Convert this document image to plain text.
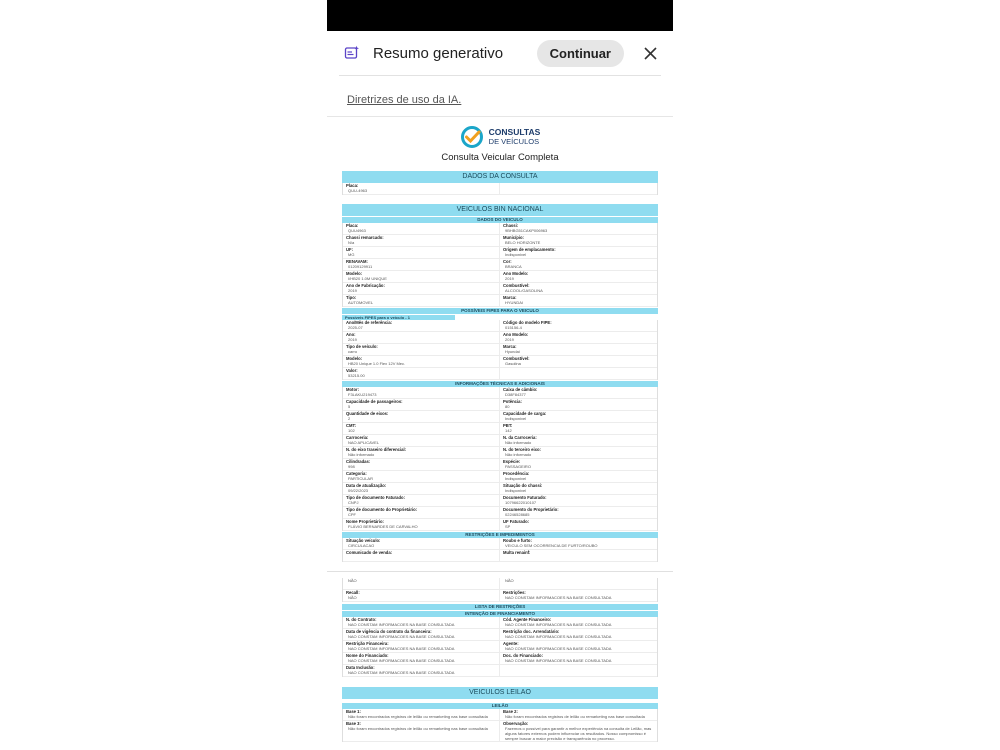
Resumo generativo	Continuar
Diretrizes de uso da IA.
CONSULTAS
DE VEÍCULOS
Consulta Veicular Completa
DADOS DA CONSULTA
Placa:
QUU-4963
VEICULOS BIN NACIONAL
DADOS DO VEICULO
Placa:
QUU4963
Chassi:
9BHBG51CAKP006963
Chassi remarcado:
N/a
Município:
BELO HORIZONTE
UF:
MG
Origem de emplacamento:
Indisponivel
RENAVAM:
01209129911
Cor:
BRANCA
Modelo:
I/HB20 1.0M UNIQUE
Ano Modelo:
2019
Ano de Fabricação:
2019
Combustível:
ALCOOL/GASOLINA
Tipo:
AUTOMOVEL
Marca:
HYUNDAI
POSSÍVEIS FIPES PARA O VEICULO
Possíveis FIPES para o veículo - 1
Ano/Mês de referência:
2025-07
Código do modelo FIPE:
015156-4
Ano:
2019
Ano Modelo:
2019
Tipo de veículo:
carro
Marca:
Hyundai
Modelo:
HB20 Unique 1.0 Flex 12V Mec.
Combustível:
Gasolina
Valor:
53215.00
INFORMAÇÕES TÉCNICAS E ADICIONAIS
Motor:
F3LAKU219473
Caixa de câmbio:
D38F84377
Capacidade de passageiros:
5
Potência:
80
Quantidade de eixos:
2
Capacidade de carga:
Indisponivel
CMT:
102
PBT:
142
Carroceria:
NAO APLICAVEL
N. da Carroceria:
Não informado
N. do eixo traseiro diferencial:
Não informado
N. do terceiro eixo:
Não informado
Cilindradas:
998
Espécie:
PASSAGEIRO
Categoria:
PARTICULAR
Procedência:
Indisponivel
Data de atualização:
09/22/2023
Situação do chassi:
Indisponivel
Tipo de documento Faturado:
CNPJ
Documento Faturado:
10796622010107
Tipo de documento do Proprietário:
CPF
Documento do Proprietário:
02246528685
Nome Proprietário:
FLÁVIO BERNARDES DE CARVALHO
UF Faturado:
SP
RESTRIÇÕES E IMPEDIMENTOS
Situação veículo:
CIRCULACAO
Roubo e furto:
VEICULO SEM OCORRENCIA DE FURTO/ROUBO
Comunicado de venda:	Multa renainf:
NÃO	NÃO
Recall:
NÃO
Restrições:
NAO CONSTAM INFORMACOES NA BASE CONSULTADA
LISTA DE RESTRIÇÕES
INTENÇÃO DE FINANCIAMENTO
N. do Contrato:
NAO CONSTAM INFORMACOES NA BASE CONSULTADA
Cód. Agente Financeiro:
NAO CONSTAM INFORMACOES NA BASE CONSULTADA
Data de vigência do contrato da financeira:
NAO CONSTAM INFORMACOES NA BASE CONSULTADA
Restrição doc. Arrendatário:
NAO CONSTAM INFORMACOES NA BASE CONSULTADA
Restrição Financeira:
NAO CONSTAM INFORMACOES NA BASE CONSULTADA
Agente:
NAO CONSTAM INFORMACOES NA BASE CONSULTADA
Nome do Financiado:
NAO CONSTAM INFORMACOES NA BASE CONSULTADA
Doc. do Financiado:
NAO CONSTAM INFORMACOES NA BASE CONSULTADA
Data Inclusão:
NAO CONSTAM INFORMACOES NA BASE CONSULTADA
VEICULOS LEILAO
LEILÃO
Base 1:
Não foram encontrados registros de leilão ou remarketing nas base consultada
Base 2:
Não foram encontrados registros de leilão ou remarketing nas base consultada
Base 3:
Não foram encontrados registros de leilão ou remarketing nas base consultada
Observação:
Fazemos o possível para garantir a melhor experiência na consulta de Leilão, mas alguns fatores externos podem influenciar os resultados. Nosso compromisso é sempre buscar a maior precisão e transparência no processo.
